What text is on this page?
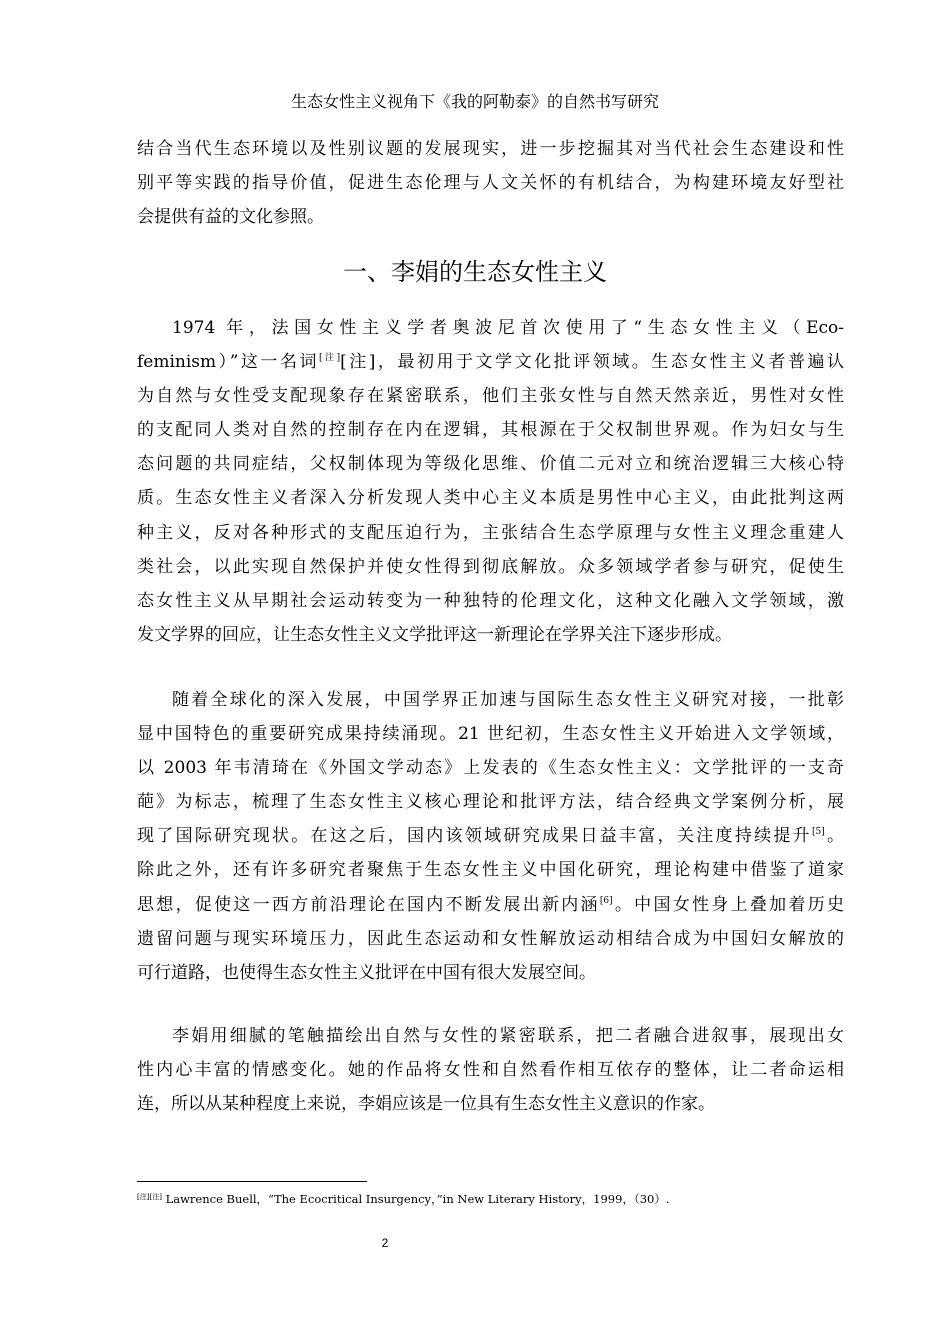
生态女性主义视角下《我的阿勒泰》的自然书写研究
结合当代生态环境以及性别议题的发展现实，进一步挖掘其对当代社会生态建设和性
别平等实践的指导价值，促进生态伦理与人文关怀的有机结合，为构建环境友好型社
会提供有益的文化参照。
一、李娟的生态女性主义
1974 年，法国女性主义学者奥波尼首次使用了“生态女性主义（Eco-
feminism）”这一名词[注][注]，最初用于文学文化批评领域。生态女性主义者普遍认
为自然与女性受支配现象存在紧密联系，他们主张女性与自然天然亲近，男性对女性
的支配同人类对自然的控制存在内在逻辑，其根源在于父权制世界观。作为妇女与生
态问题的共同症结，父权制体现为等级化思维、价值二元对立和统治逻辑三大核心特
质。生态女性主义者深入分析发现人类中心主义本质是男性中心主义，由此批判这两
种主义，反对各种形式的支配压迫行为，主张结合生态学原理与女性主义理念重建人
类社会，以此实现自然保护并使女性得到彻底解放。众多领域学者参与研究，促使生
态女性主义从早期社会运动转变为一种独特的伦理文化，这种文化融入文学领域，激
发文学界的回应，让生态女性主义文学批评这一新理论在学界关注下逐步形成。
随着全球化的深入发展，中国学界正加速与国际生态女性主义研究对接，一批彰
显中国特色的重要研究成果持续涌现。21 世纪初，生态女性主义开始进入文学领域，
以 2003 年韦清琦在《外国文学动态》上发表的《生态女性主义：文学批评的一支奇
葩》为标志，梳理了生态女性主义核心理论和批评方法，结合经典文学案例分析，展
现了国际研究现状。在这之后，国内该领域研究成果日益丰富，关注度持续提升[5]。
除此之外，还有许多研究者聚焦于生态女性主义中国化研究，理论构建中借鉴了道家
思想，促使这一西方前沿理论在国内不断发展出新内涵[6]。中国女性身上叠加着历史
遗留问题与现实环境压力，因此生态运动和女性解放运动相结合成为中国妇女解放的
可行道路，也使得生态女性主义批评在中国有很大发展空间。
李娟用细腻的笔触描绘出自然与女性的紧密联系，把二者融合进叙事，展现出女
性内心丰富的情感变化。她的作品将女性和自然看作相互依存的整体，让二者命运相
连，所以从某种程度上来说，李娟应该是一位具有生态女性主义意识的作家。
[注][注] Lawrence Buell，“The Ecocritical Insurgency，”in New Literary History，1999，（30）.
2
